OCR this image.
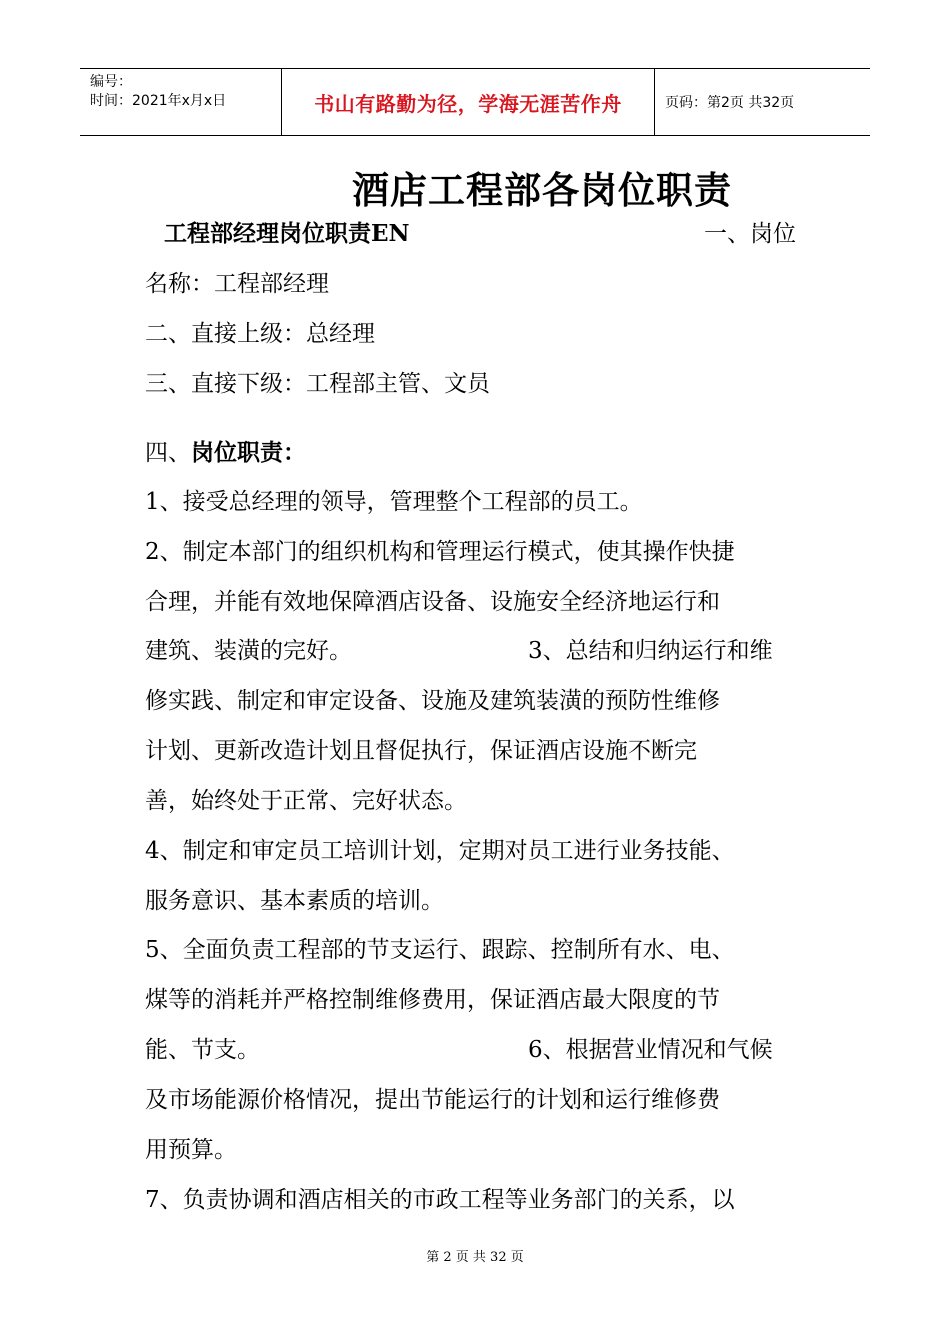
编号：
时间：2021年x月x日	书山有路勤为径，学海无涯苦作舟	页码：第2页 共32页
酒店工程部各岗位职责
工程部经理岗位职责EN	一、岗位
名称：工程部经理
二、直接上级：总经理
三、直接下级：工程部主管、文员
四、岗位职责：
1、接受总经理的领导，管理整个工程部的员工。
2、制定本部门的组织机构和管理运行模式，使其操作快捷
合理，并能有效地保障酒店设备、设施安全经济地运行和
建筑、装潢的完好。	3、总结和归纳运行和维
修实践、制定和审定设备、设施及建筑装潢的预防性维修
计划、更新改造计划且督促执行，保证酒店设施不断完
善，始终处于正常、完好状态。
4、制定和审定员工培训计划，定期对员工进行业务技能、
服务意识、基本素质的培训。
5、全面负责工程部的节支运行、跟踪、控制所有水、电、
煤等的消耗并严格控制维修费用，保证酒店最大限度的节
能、节支。	6、根据营业情况和气候
及市场能源价格情况，提出节能运行的计划和运行维修费
用预算。
7、负责协调和酒店相关的市政工程等业务部门的关系，以
第 2 页 共 32 页
